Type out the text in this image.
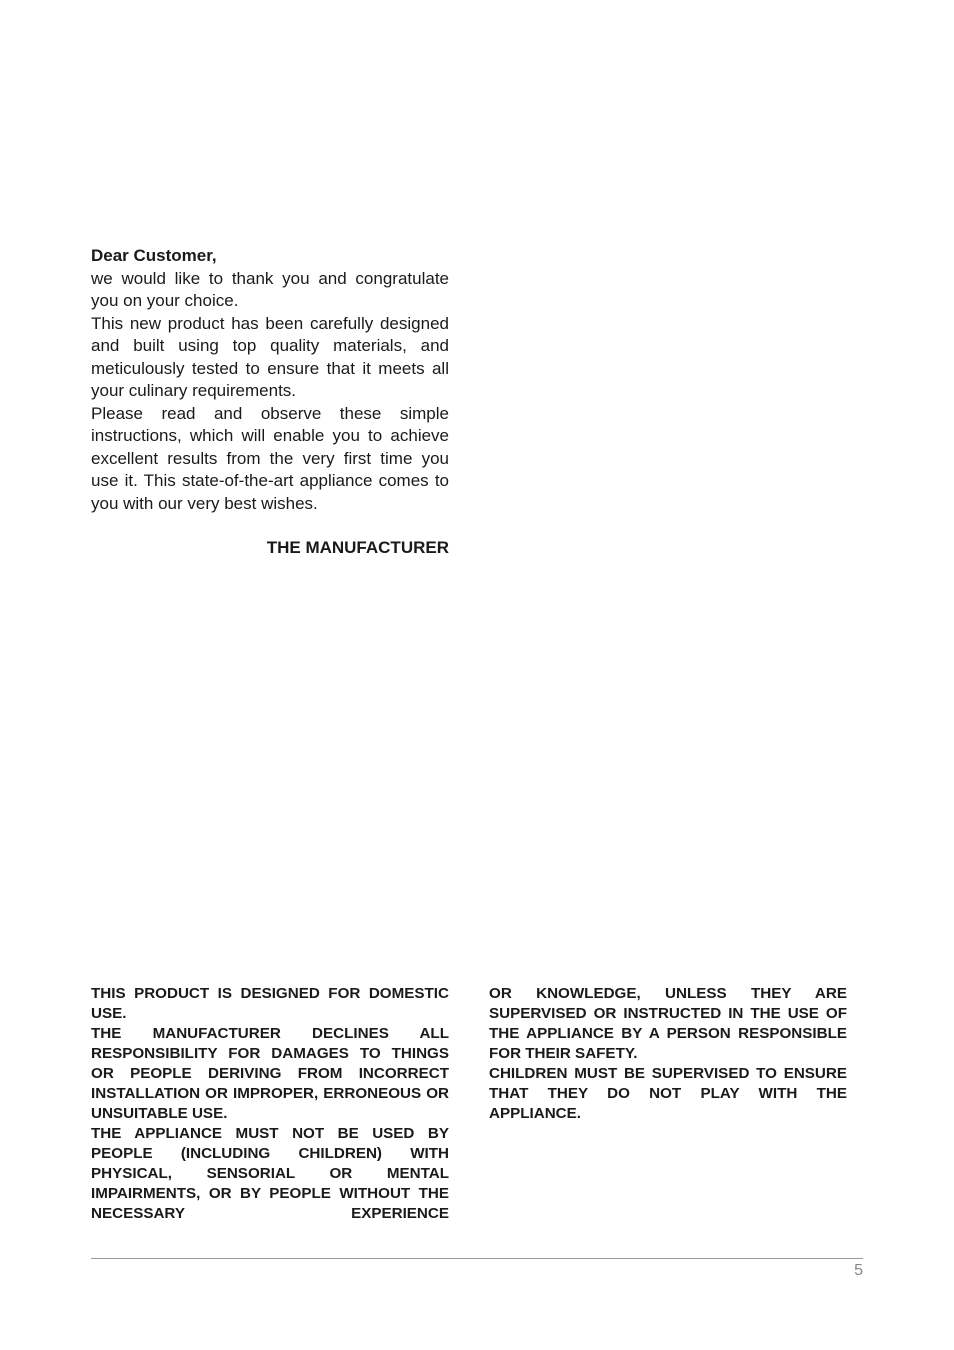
Dear Customer,

we would like to thank you and congratulate you on your choice.

This new product has been carefully designed and built using top quality materials, and meticulously tested to ensure that it meets all your culinary requirements.

Please read and observe these simple instructions, which will enable you to achieve excellent results from the very first time you use it. This state-of-the-art appliance comes to you with our very best wishes.

THE MANUFACTURER

THIS PRODUCT IS DESIGNED FOR DOMESTIC USE.

THE MANUFACTURER DECLINES ALL RESPONSIBILITY FOR DAMAGES TO THINGS OR PEOPLE DERIVING FROM INCORRECT INSTALLATION OR IMPROPER, ERRONEOUS OR UNSUITABLE USE.

THE APPLIANCE MUST NOT BE USED BY PEOPLE (INCLUDING CHILDREN) WITH PHYSICAL, SENSORIAL OR MENTAL IMPAIRMENTS, OR BY PEOPLE WITHOUT THE NECESSARY EXPERIENCE

OR KNOWLEDGE, UNLESS THEY ARE SUPERVISED OR INSTRUCTED IN THE USE OF THE APPLIANCE BY A PERSON RESPONSIBLE FOR THEIR SAFETY.

CHILDREN MUST BE SUPERVISED TO ENSURE THAT THEY DO NOT PLAY WITH THE APPLIANCE.

5
